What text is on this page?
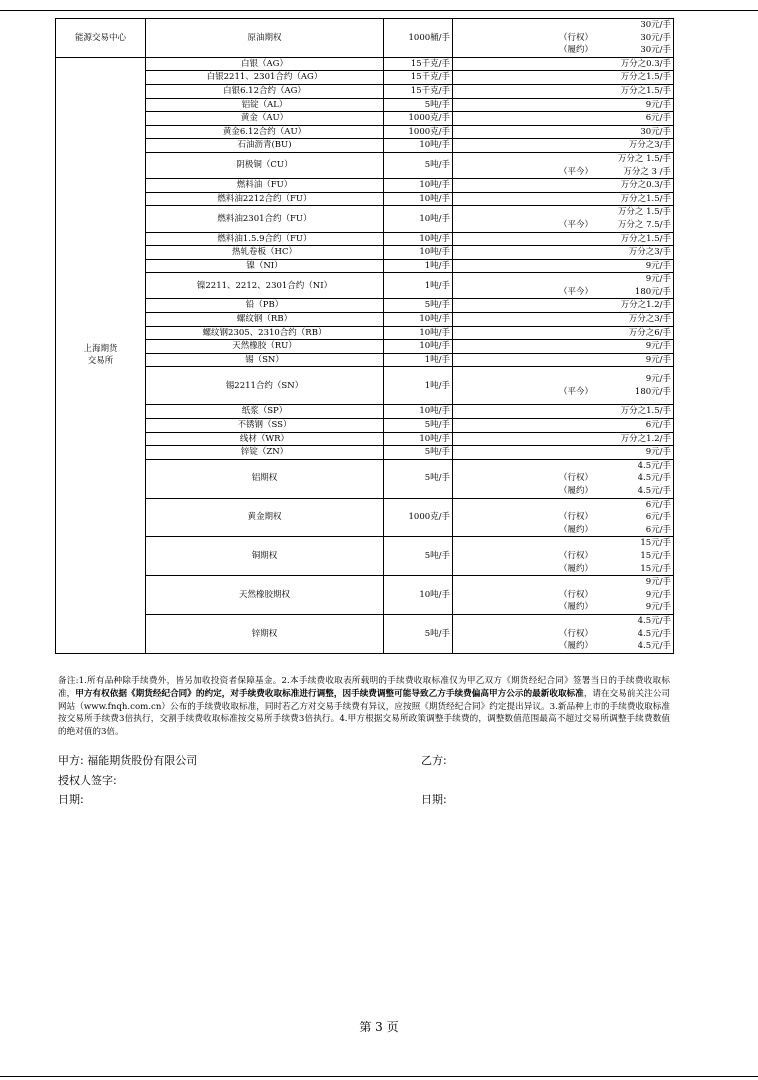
能源交易中心	原油期权	1000桶/手	30元/手
（行权） 30元/手
（履约） 30元/手

上海期货
交易所	白银（AG）	15千克/手	万分之0.3/手

	白银2211、2301合约（AG）	15千克/手	万分之1.5/手

	白银6.12合约（AG）	15千克/手	万分之1.5/手

	铝锭（AL）	5吨/手	9元/手

	黄金（AU）	1000克/手	6元/手

	黄金6.12合约（AU）	1000克/手	30元/手

	石油沥青(BU)	10吨/手	万分之3/手

	阴极铜（CU）	5吨/手	万分之 1.5/手
（平今） 万分之 3 /手

	燃料油（FU）	10吨/手	万分之0.3/手

	燃料油2212合约（FU）	10吨/手	万分之1.5/手

	燃料油2301合约（FU）	10吨/手	万分之 1.5/手
（平今） 万分之 7.5/手

	燃料油1.5.9合约（FU）	10吨/手	万分之1.5/手

	热轧卷板（HC）	10吨/手	万分之3/手

	镍（NI）	1吨/手	9元/手

	镍2211、2212、2301合约（NI）	1吨/手	9元/手
（平今） 180元/手

	铅（PB）	5吨/手	万分之1.2/手

	螺纹钢（RB）	10吨/手	万分之3/手

	螺纹钢2305、2310合约（RB）	10吨/手	万分之6/手

	天然橡胶（RU）	10吨/手	9元/手

	锡（SN）	1吨/手	9元/手

	锡2211合约（SN）	1吨/手	9元/手
（平今） 180元/手

	纸浆（SP）	10吨/手	万分之1.5/手

	不锈钢（SS）	5吨/手	6元/手

	线材（WR）	10吨/手	万分之1.2/手

	锌锭（ZN）	5吨/手	9元/手

	铝期权	5吨/手	4.5元/手
（行权） 4.5元/手
（履约） 4.5元/手

	黄金期权	1000克/手	6元/手
（行权） 6元/手
（履约） 6元/手

	铜期权	5吨/手	15元/手
（行权） 15元/手
（履约） 15元/手

	天然橡胶期权	10吨/手	9元/手
（行权） 9元/手
（履约） 9元/手

	锌期权	5吨/手	4.5元/手
（行权） 4.5元/手
（履约） 4.5元/手
备注:1.所有品种除手续费外，皆另加收投资者保障基金。2.本手续费收取表所载明的手续费收取标准仅为甲乙双方《期货经纪合同》签署当日的手续费收取标准，甲方有权依据《期货经纪合同》的约定，对手续费收取标准进行调整，因手续费调整可能导致乙方手续费偏高甲方公示的最新收取标准，请在交易前关注公司网站（www.fnqh.com.cn）公布的手续费收取标准，同时若乙方对交易手续费有异议，应按照《期货经纪合同》约定提出异议。3.新品种上市的手续费收取标准按交易所手续费3倍执行，交割手续费收取标准按交易所手续费3倍执行。4.甲方根据交易所政策调整手续费的，调整数值范围最高不超过交易所调整手续费数值的绝对值的3倍。
甲方: 福能期货股份有限公司	乙方:
授权人签字:
日期:	日期:
第 3 页
